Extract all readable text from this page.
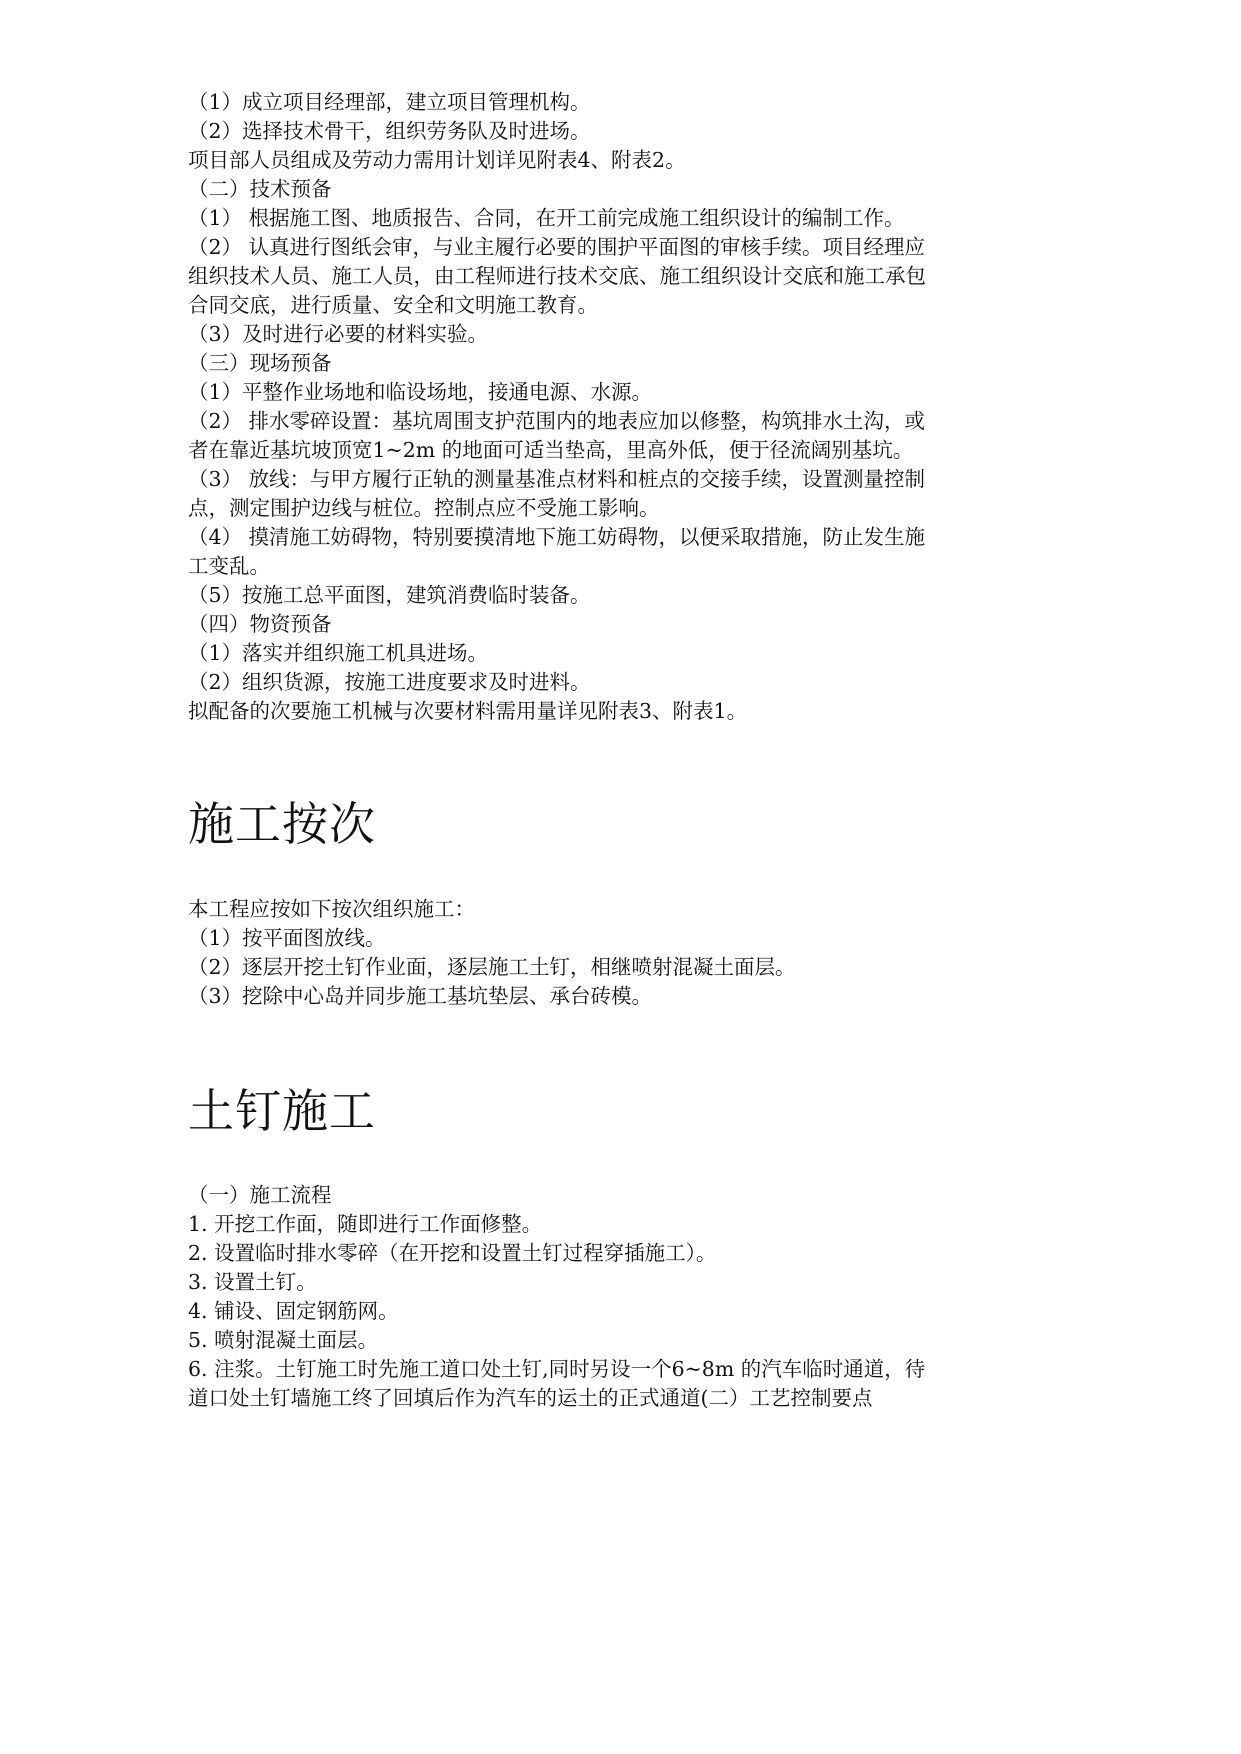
（1）成立项目经理部，建立项目管理机构。
（2）选择技术骨干，组织劳务队及时进场。
项目部人员组成及劳动力需用计划详见附表4、附表2。
（二）技术预备
（1） 根据施工图、地质报告、合同，在开工前完成施工组织设计的编制工作。
（2） 认真进行图纸会审，与业主履行必要的围护平面图的审核手续。项目经理应
组织技术人员、施工人员，由工程师进行技术交底、施工组织设计交底和施工承包
合同交底，进行质量、安全和文明施工教育。
（3）及时进行必要的材料实验。
（三）现场预备
（1）平整作业场地和临设场地，接通电源、水源。
（2） 排水零碎设置：基坑周围支护范围内的地表应加以修整，构筑排水土沟，或
者在靠近基坑坡顶宽1~2m 的地面可适当垫高，里高外低，便于径流阔别基坑。
（3） 放线：与甲方履行正轨的测量基准点材料和桩点的交接手续，设置测量控制
点，测定围护边线与桩位。控制点应不受施工影响。
（4） 摸清施工妨碍物，特别要摸清地下施工妨碍物，以便采取措施，防止发生施
工变乱。
（5）按施工总平面图，建筑消费临时装备。
（四）物资预备
（1）落实并组织施工机具进场。
（2）组织货源，按施工进度要求及时进料。
拟配备的次要施工机械与次要材料需用量详见附表3、附表1。
施工按次
本工程应按如下按次组织施工：
（1）按平面图放线。
（2）逐层开挖土钉作业面，逐层施工土钉，相继喷射混凝土面层。
（3）挖除中心岛并同步施工基坑垫层、承台砖模。
土钉施工
（一）施工流程
1. 开挖工作面，随即进行工作面修整。
2. 设置临时排水零碎（在开挖和设置土钉过程穿插施工）。
3. 设置土钉。
4. 铺设、固定钢筋网。
5. 喷射混凝土面层。
6. 注浆。土钉施工时先施工道口处土钉,同时另设一个6~8m 的汽车临时通道，待
道口处土钉墙施工终了回填后作为汽车的运土的正式通道(二）工艺控制要点
